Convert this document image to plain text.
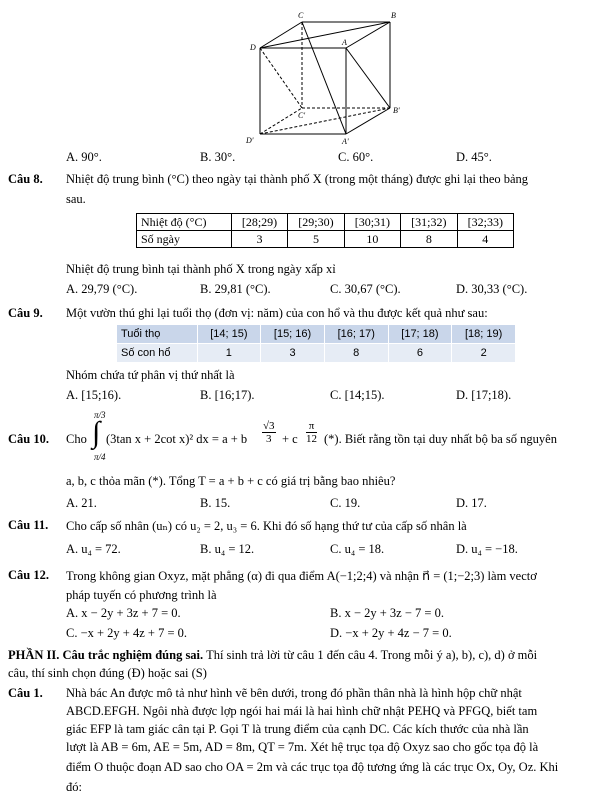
C	B
D
A
C'
B'
D'	A'
A. 90°.	B. 30°.	C. 60°.	D. 45°.
Câu 8. Nhiệt độ trung bình (°C) theo ngày tại thành phố X (trong một tháng) được ghi lại theo bảng
sau.
Nhiệt độ (°C)	[28;29)	[29;30)	[30;31)	[31;32)	[32;33)
Số ngày	3	5	10	8	4
Nhiệt độ trung bình tại thành phố X trong ngày xấp xỉ
A. 29,79 (°C).	B. 29,81 (°C).	C. 30,67 (°C).	D. 30,33 (°C).
Câu 9. Một vườn thú ghi lại tuổi thọ (đơn vị: năm) của con hổ và thu được kết quả như sau:
Tuổi thọ	[14; 15)	[15; 16)	[16; 17)	[17; 18)	[18; 19)
Số con hổ	1	3	8	6	2
Nhóm chứa tứ phân vị thứ nhất là
A. [15;16).	B. [16;17).	C. [14;15).	D. [17;18).
Câu 10. Cho
π/3
∫
π/4
(3tan x + 2cot x)² dx = a + b $\frac{√3}{3} + c \frac{\pi}{12}$ (*). Biết rằng tồn tại duy nhất bộ ba số nguyên
a, b, c thỏa mãn (*). Tổng T = a + b + c có giá trị bằng bao nhiêu?
A. 21.	B. 15.	C. 19.	D. 17.
Câu 11. Cho cấp số nhân (uₙ) có u₂ = 2, u₃ = 6. Khi đó số hạng thứ tư của cấp số nhân là
A. u₄ = 72.	B. u₄ = 12.	C. u₄ = 18.	D. u₄ = −18.
Câu 12. Trong không gian Oxyz, mặt phẳng (α) đi qua điểm A(−1;2;4) và nhận n⃗ = (1;−2;3) làm vectơ
pháp tuyến có phương trình là
A. x − 2y + 3z + 7 = 0.	B. x − 2y + 3z − 7 = 0.
C. −x + 2y + 4z + 7 = 0.	D. −x + 2y + 4z − 7 = 0.
PHẦN II. Câu trắc nghiệm đúng sai. Thí sinh trả lời từ câu 1 đến câu 4. Trong mỗi ý a), b), c), d) ở mỗi
câu, thí sinh chọn đúng (Đ) hoặc sai (S)
Câu 1. Nhà bác An được mô tả như hình vẽ bên dưới, trong đó phần thân nhà là hình hộp chữ nhật
ABCD.EFGH. Ngôi nhà được lợp ngói hai mái là hai hình chữ nhật PEHQ và PFGQ, biết tam
giác EFP là tam giác cân tại P. Gọi T là trung điểm của cạnh DC. Các kích thước của nhà lần
lượt là AB = 6m, AE = 5m, AD = 8m, QT = 7m. Xét hệ trục tọa độ Oxyz sao cho gốc tọa độ là
điểm O thuộc đoạn AD sao cho OA = 2m và các trục tọa độ tương ứng là các trục Ox, Oy, Oz. Khi
đó:
